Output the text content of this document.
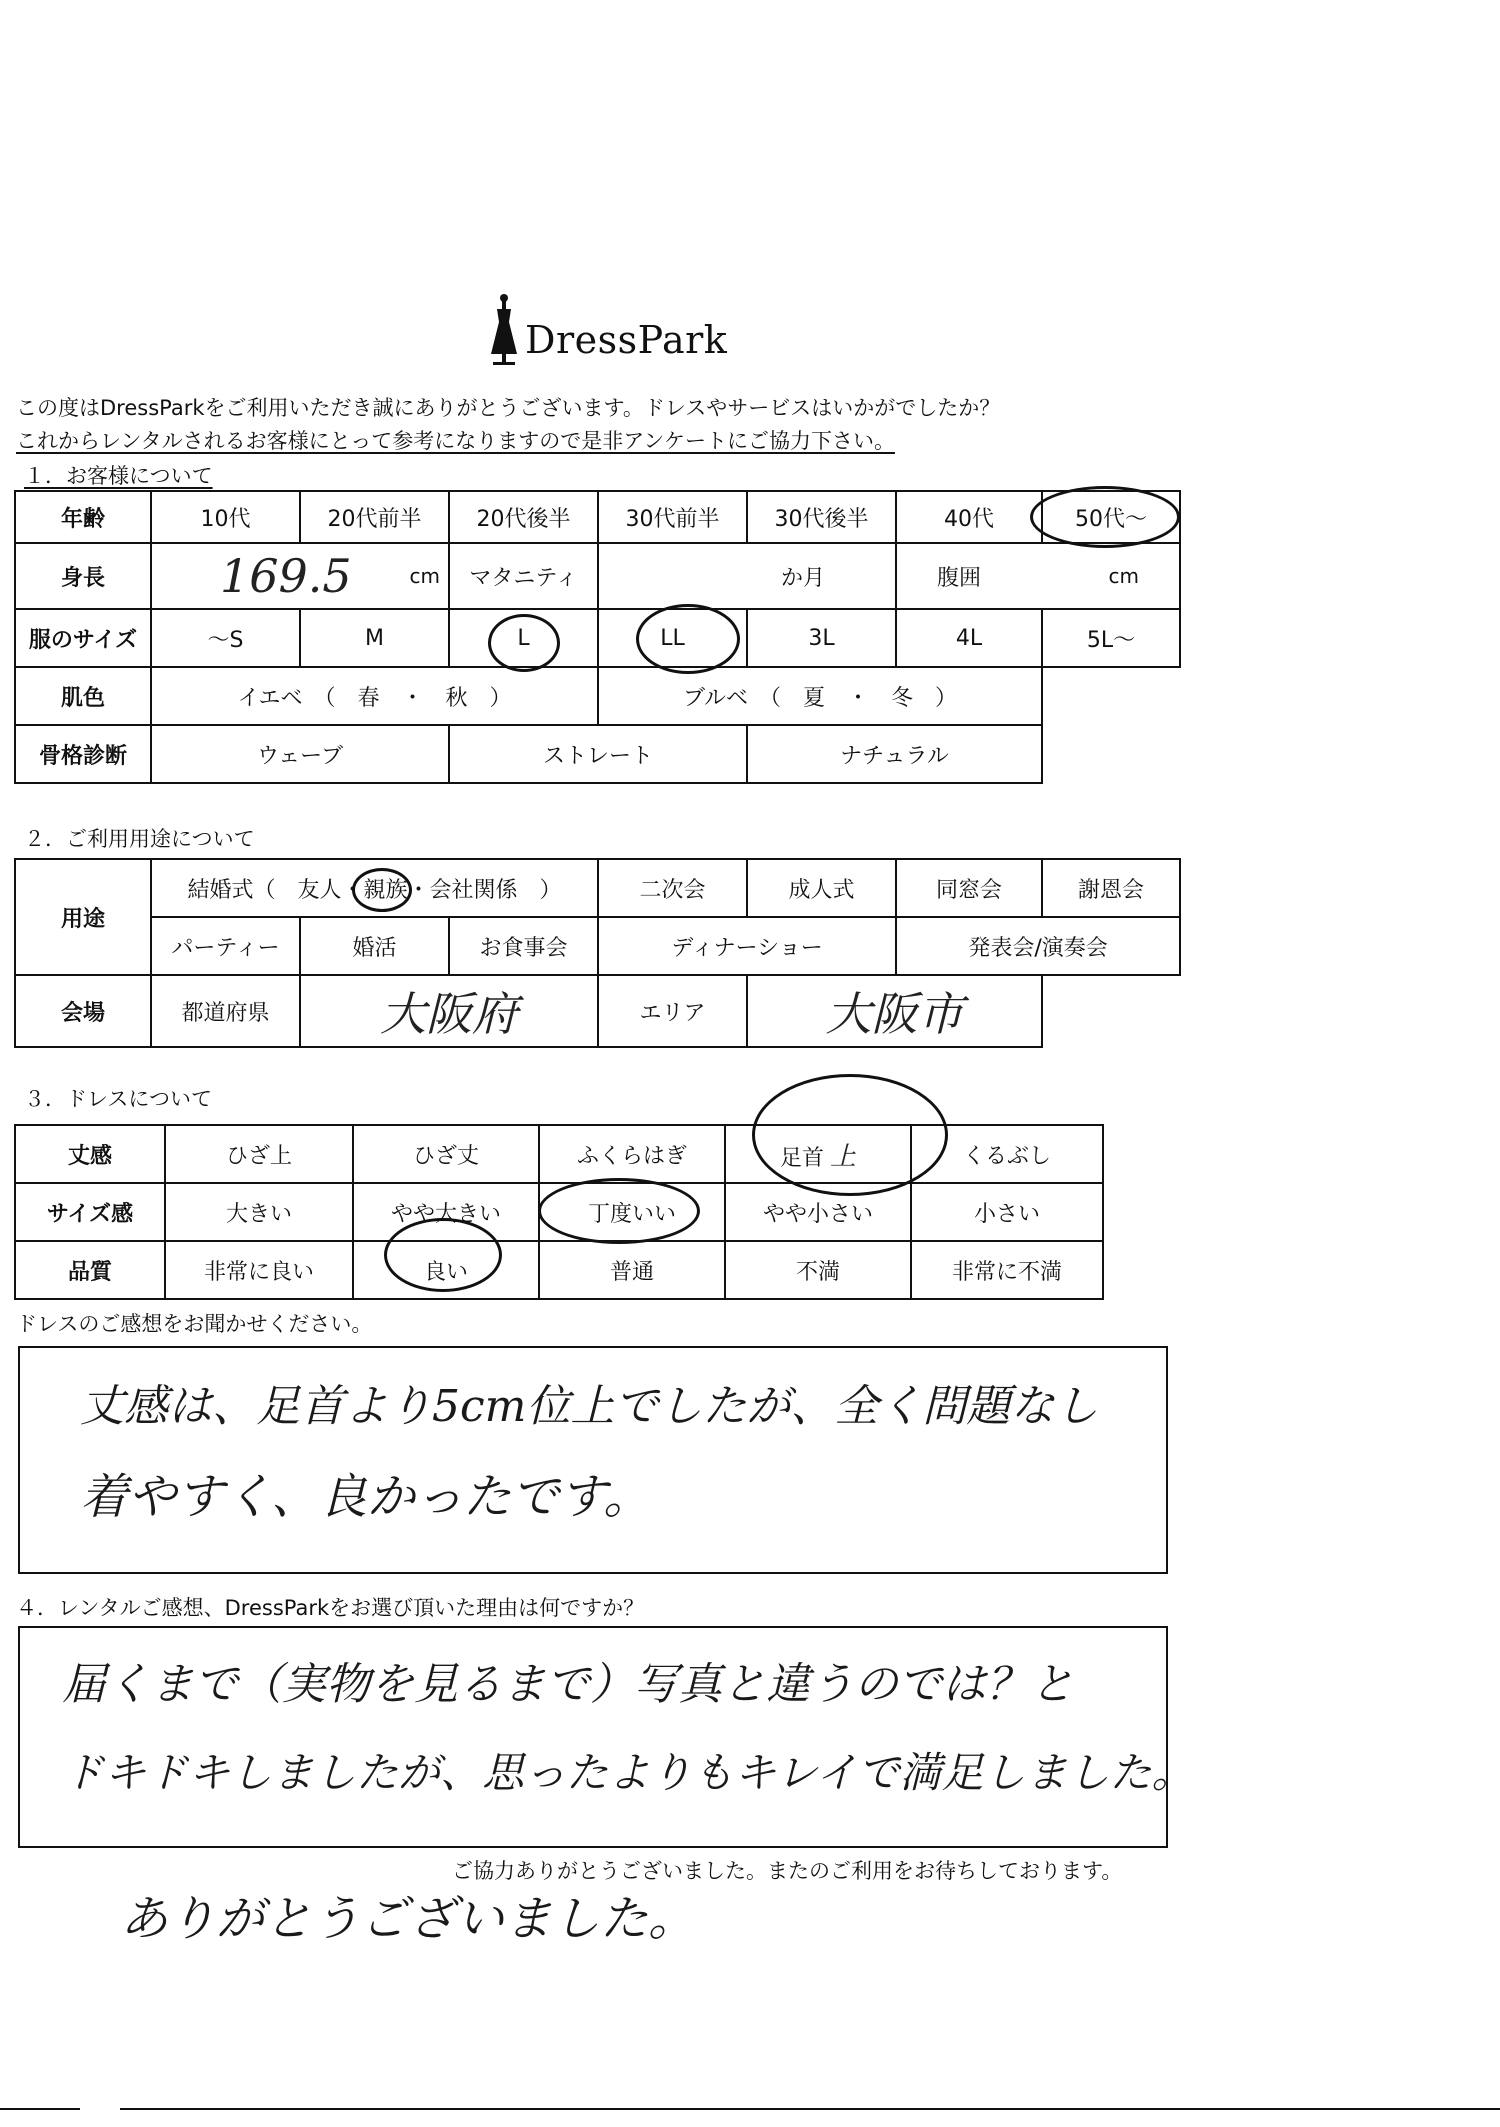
DressPark
この度はDressParkをご利用いただき誠にありがとうございます。ドレスやサービスはいかがでしたか？
これからレンタルされるお客様にとって参考になりますので是非アンケートにご協力下さい。
１．お客様について
年齢	10代	20代前半	20代後半	30代前半	30代後半	40代	50代～
身長	169.5 cm		マタニティ	か月		腹囲 cm	

服のサイズ	～S	M	L	LL	3L	4L	5L～
肌色	イエベ　（　春　・　秋　）			ブルベ　（　夏　・　冬　）			
骨格診断	ウェーブ		ストレート		ナチュラル		
２．ご利用用途について
用途	結婚式（　友人・親族・会社関係　）			二次会	成人式	同窓会	謝恩会
	パーティー	婚活	お食事会	ディナーショー		発表会/演奏会	
会場	都道府県	大阪府		エリア	大阪市		
３．ドレスについて
丈感	ひざ上	ひざ丈	ふくらはぎ	足首 上	くるぶし
サイズ感	大きい	やや大きい	丁度いい	やや小さい	小さい
品質	非常に良い	良い	普通	不満	非常に不満
ドレスのご感想をお聞かせください。
丈感は、足首より5cm位上でしたが、全く問題なし
着やすく、良かったです。
４．レンタルご感想、DressParkをお選び頂いた理由は何ですか？
届くまで（実物を見るまで）写真と違うのでは？と
ドキドキしましたが、思ったよりもキレイで満足しました。
ご協力ありがとうございました。またのご利用をお待ちしております。
ありがとうございました。
